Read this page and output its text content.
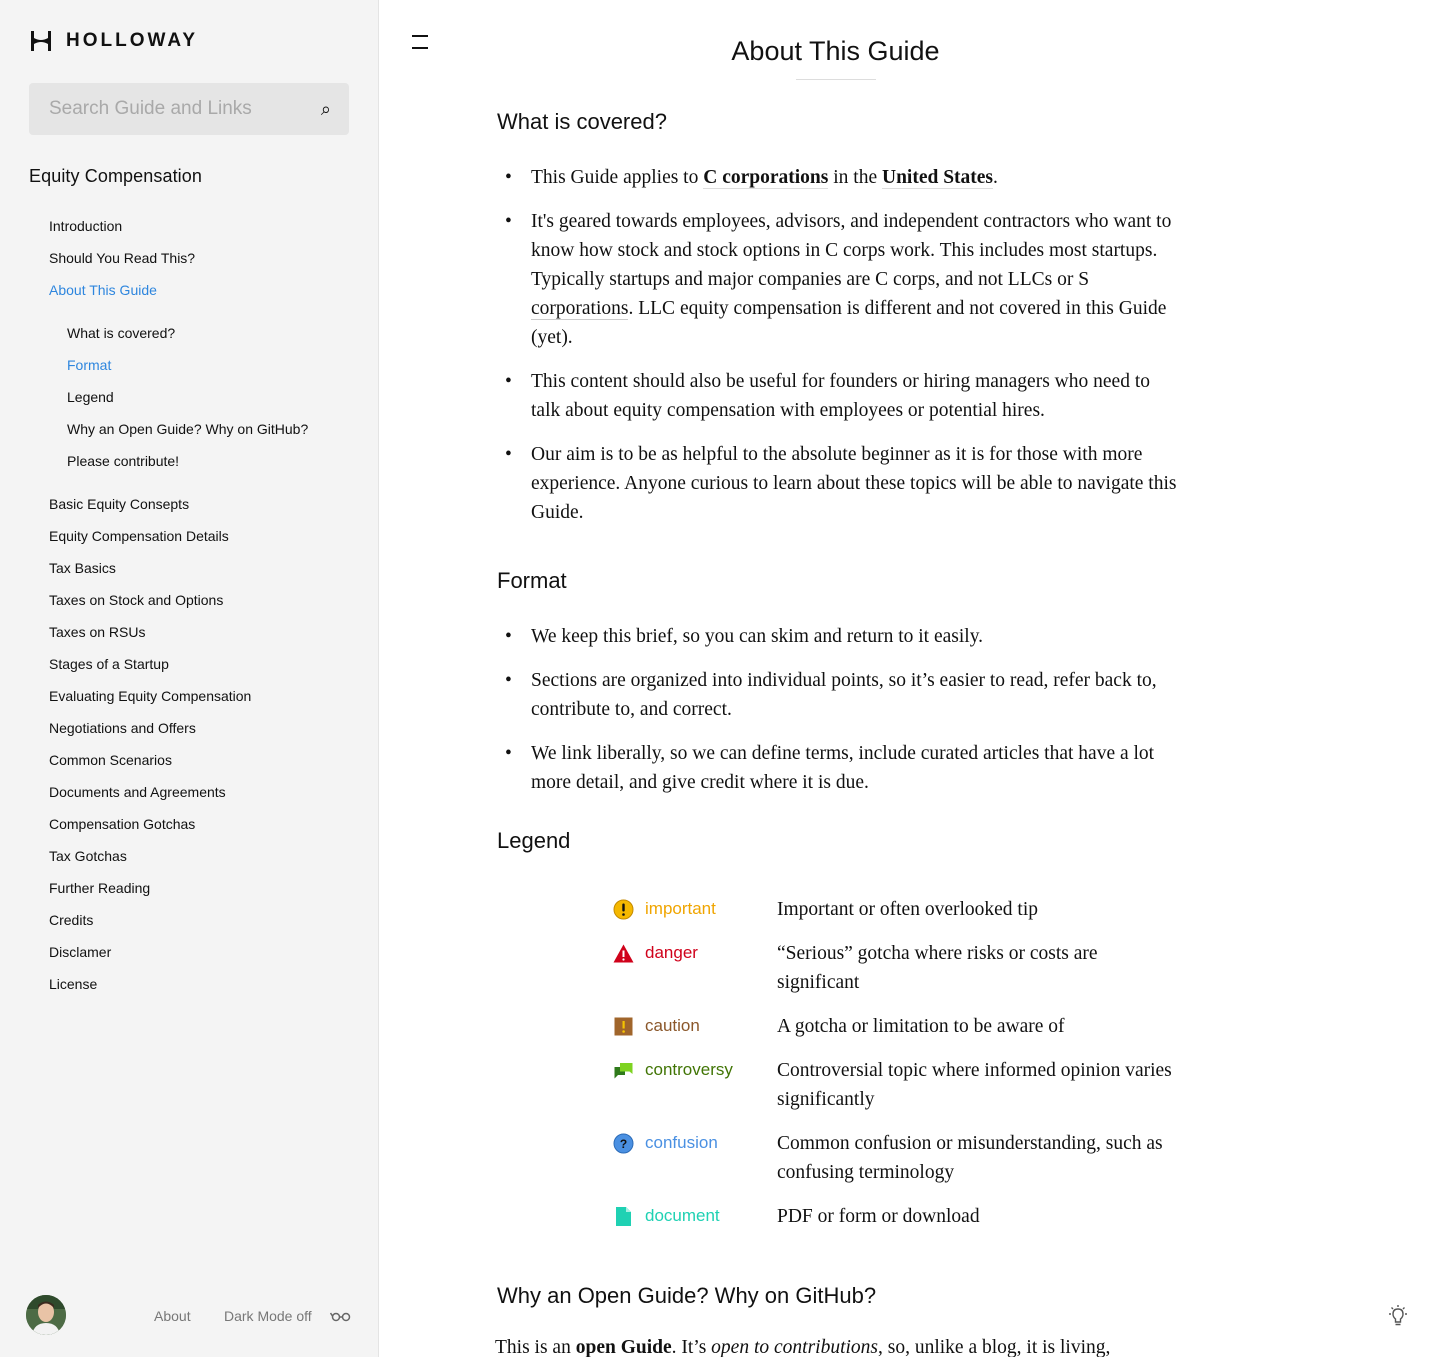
HOLLOWAY
Search Guide and Links
⌕
Equity Compensation
Introduction
Should You Read This?
About This Guide
What is covered?
Format
Legend
Why an Open Guide? Why on GitHub?
Please contribute!
Basic Equity Consepts
Equity Compensation Details
Tax Basics
Taxes on Stock and Options
Taxes on RSUs
Stages of a Startup
Evaluating Equity Compensation
Negotiations and Offers
Common Scenarios
Documents and Agreements
Compensation Gotchas
Tax Gotchas
Further Reading
Credits
Disclamer
License
About Dark Mode off
About This Guide
What is covered?
• This Guide applies to C corporations in the United States.
• It's geared towards employees, advisors, and independent contractors who want to know how stock and stock options in C corps work. This includes most startups. Typically startups and major companies are C corps, and not LLCs or S corporations. LLC equity compensation is different and not covered in this Guide (yet).
• This content should also be useful for founders or hiring managers who need to talk about equity compensation with employees or potential hires.
• Our aim is to be as helpful to the absolute beginner as it is for those with more experience. Anyone curious to learn about these topics will be able to navigate this Guide.
Format
• We keep this brief, so you can skim and return to it easily.
• Sections are organized into individual points, so it’s easier to read, refer back to, contribute to, and correct.
• We link liberally, so we can define terms, include curated articles that have a lot more detail, and give credit where it is due.
Legend
important	Important or often overlooked tip
danger	“Serious” gotcha where risks or costs are significant
caution	A gotcha or limitation to be aware of
controversy Controversial topic where informed opinion varies significantly
? confusion	Common confusion or misunderstanding, such as confusing terminology
document	PDF or form or download
Why an Open Guide? Why on GitHub?

This is an open Guide. It’s open to contributions, so, unlike a blog, it is living,
